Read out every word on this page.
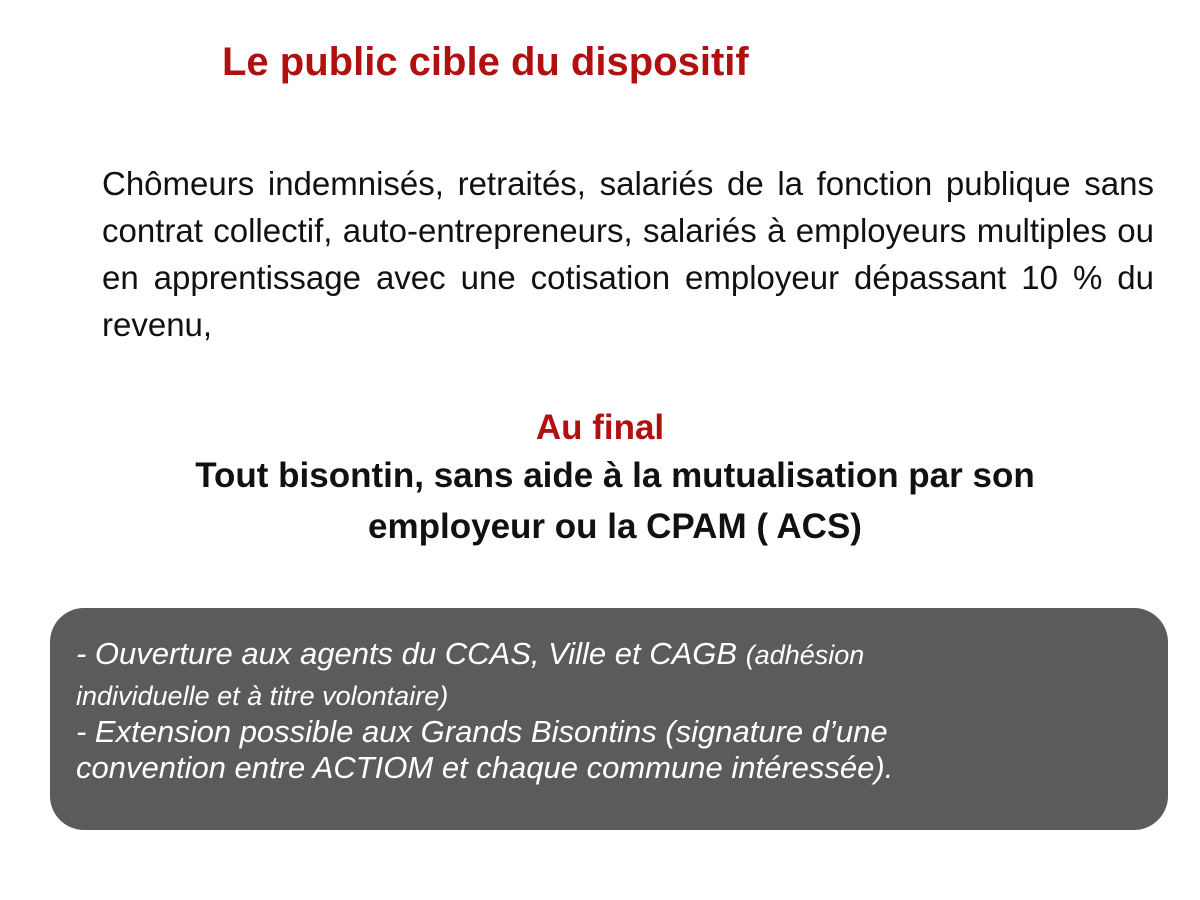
Le public cible du dispositif
Chômeurs indemnisés, retraités, salariés de la fonction publique sans contrat collectif, auto-entrepreneurs, salariés à employeurs multiples ou en apprentissage avec une cotisation employeur dépassant 10 % du revenu,
Au final
Tout bisontin, sans aide à la mutualisation par son
employeur ou la CPAM ( ACS)
- Ouverture aux agents du CCAS, Ville et CAGB (adhésion
individuelle et à titre volontaire)
- Extension possible aux Grands Bisontins (signature d’une
convention entre ACTIOM et chaque commune intéressée).
